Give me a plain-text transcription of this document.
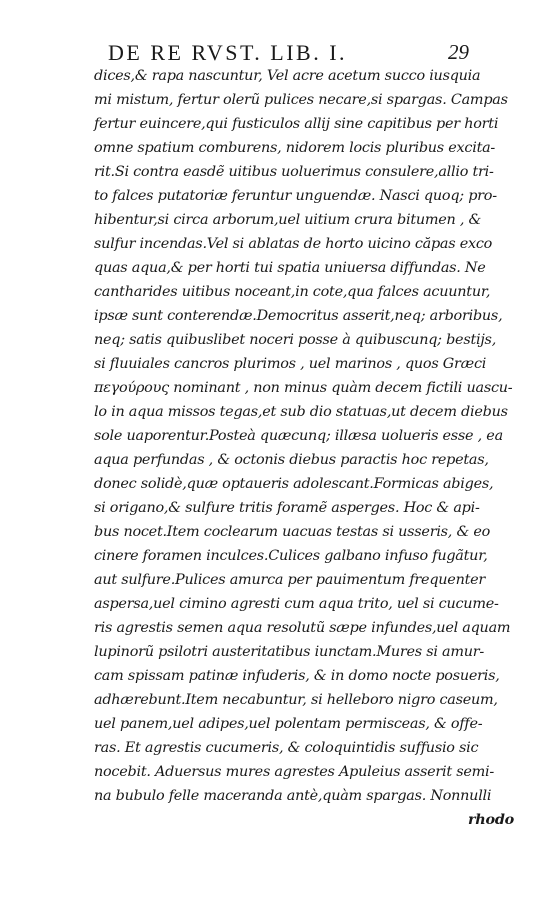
DE RE RVST. LIB. I.	29
dices,& rapa nascuntur, Vel acre acetum succo iusquia
mi mistum, fertur olerũ pulices necare,si spargas. Campas
fertur euincere,qui fusticulos allij sine capitibus per horti
omne spatium comburens, nidorem locis pluribus excita-
rit.Si contra easdẽ uitibus uoluerimus consulere,allio tri-
to falces putatoriæ feruntur unguendæ. Nasci quoq; pro-
hibentur,si circa arborum,uel uitium crura bitumen , &
sulfur incendas.Vel si ablatas de horto uicino căpas exco
quas aqua,& per horti tui spatia uniuersa diffundas. Ne
cantharides uitibus noceant,in cote,qua falces acuuntur,
ipsæ sunt conterendæ.Democritus asserit,neq; arboribus,
neq; satis quibuslibet noceri posse à quibuscunq; bestijs,
si fluuiales cancros plurimos , uel marinos , quos Græci
πεγούρους nominant , non minus quàm decem fictili uascu-
lo in aqua missos tegas,et sub dio statuas,ut decem diebus
sole uaporentur.Posteà quæcunq; illæsa uolueris esse , ea
aqua perfundas , & octonis diebus paractis hoc repetas,
donec solidè,quæ optaueris adolescant.Formicas abiges,
si origano,& sulfure tritis foramẽ asperges. Hoc & api-
bus nocet.Item coclearum uacuas testas si usseris, & eo
cinere foramen inculces.Culices galbano infuso fugãtur,
aut sulfure.Pulices amurca per pauimentum frequenter
aspersa,uel cimino agresti cum aqua trito, uel si cucume-
ris agrestis semen aqua resolutũ sæpe infundes,uel aquam
lupinorũ psilotri austeritatibus iunctam.Mures si amur-
cam spissam patinæ infuderis, & in domo nocte posueris,
adhærebunt.Item necabuntur, si helleboro nigro caseum,
uel panem,uel adipes,uel polentam permisceas, & offe-
ras. Et agrestis cucumeris, & coloquintidis suffusio sic
nocebit. Aduersus mures agrestes Apuleius asserit semi-
na bubulo felle maceranda antè,quàm spargas. Nonnulli
rhodo
